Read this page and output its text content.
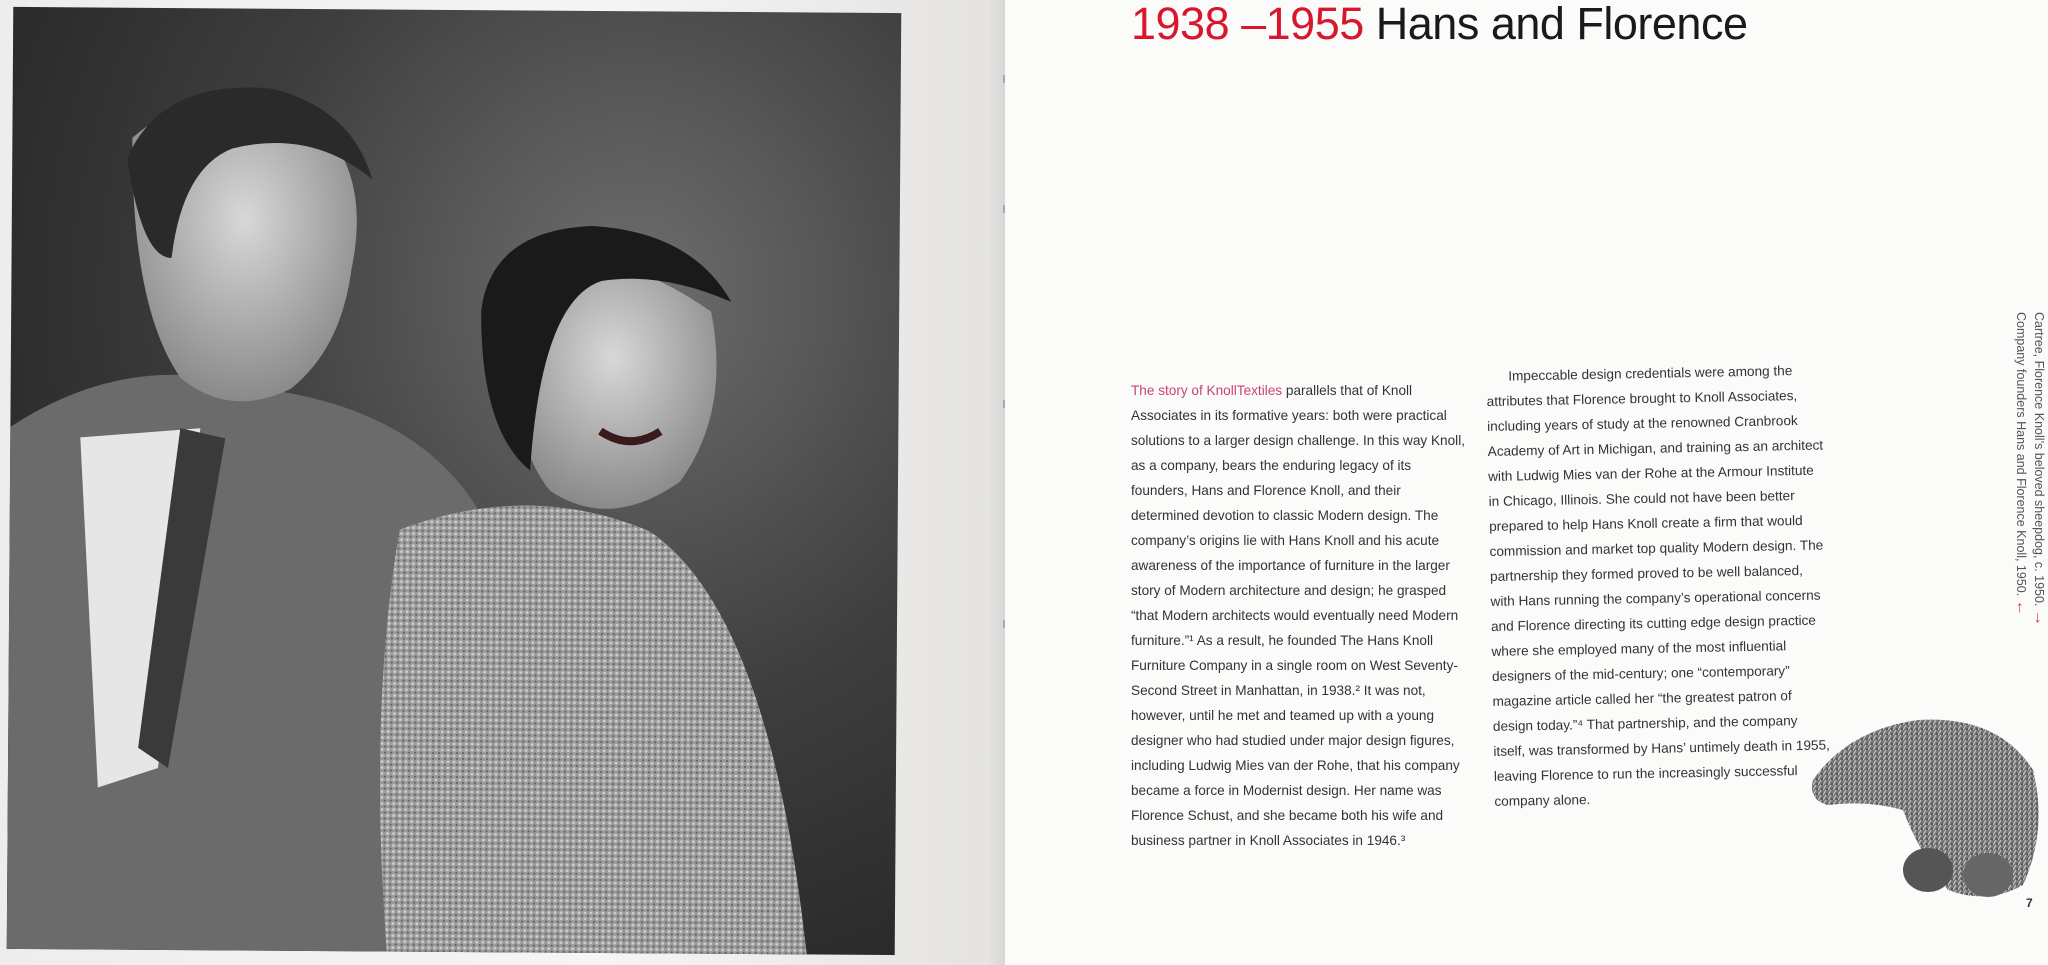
1938 –1955 Hans and Florence

The story of KnollTextiles parallels that of Knoll Associates in its formative years: both were practical solutions to a larger design challenge. In this way Knoll, as a company, bears the enduring legacy of its founders, Hans and Florence Knoll, and their determined devotion to classic Modern design. The company’s origins lie with Hans Knoll and his acute awareness of the importance of furniture in the larger story of Modern architecture and design; he grasped “that Modern architects would eventually need Modern furniture.”¹ As a result, he founded The Hans Knoll Furniture Company in a single room on West Seventy-Second Street in Manhattan, in 1938.² It was not, however, until he met and teamed up with a young designer who had studied under major design figures, including Ludwig Mies van der Rohe, that his company became a force in Modernist design. Her name was Florence Schust, and she became both his wife and business partner in Knoll Associates in 1946.³

Impeccable design credentials were among the attributes that Florence brought to Knoll Associates, including years of study at the renowned Cranbrook Academy of Art in Michigan, and training as an architect with Ludwig Mies van der Rohe at the Armour Institute in Chicago, Illinois. She could not have been better prepared to help Hans Knoll create a firm that would commission and market top quality Modern design. The partnership they formed proved to be well balanced, with Hans running the company’s operational concerns and Florence directing its cutting edge design practice where she employed many of the most influential designers of the mid-century; one “contemporary” magazine article called her “the greatest patron of design today.”⁴ That partnership, and the company itself, was transformed by Hans’ untimely death in 1955, leaving Florence to run the increasingly successful company alone.

Cartree, Florence Knoll’s beloved sheepdog, c. 1950. →
Company founders Hans and Florence Knoll, 1950. ←
7
